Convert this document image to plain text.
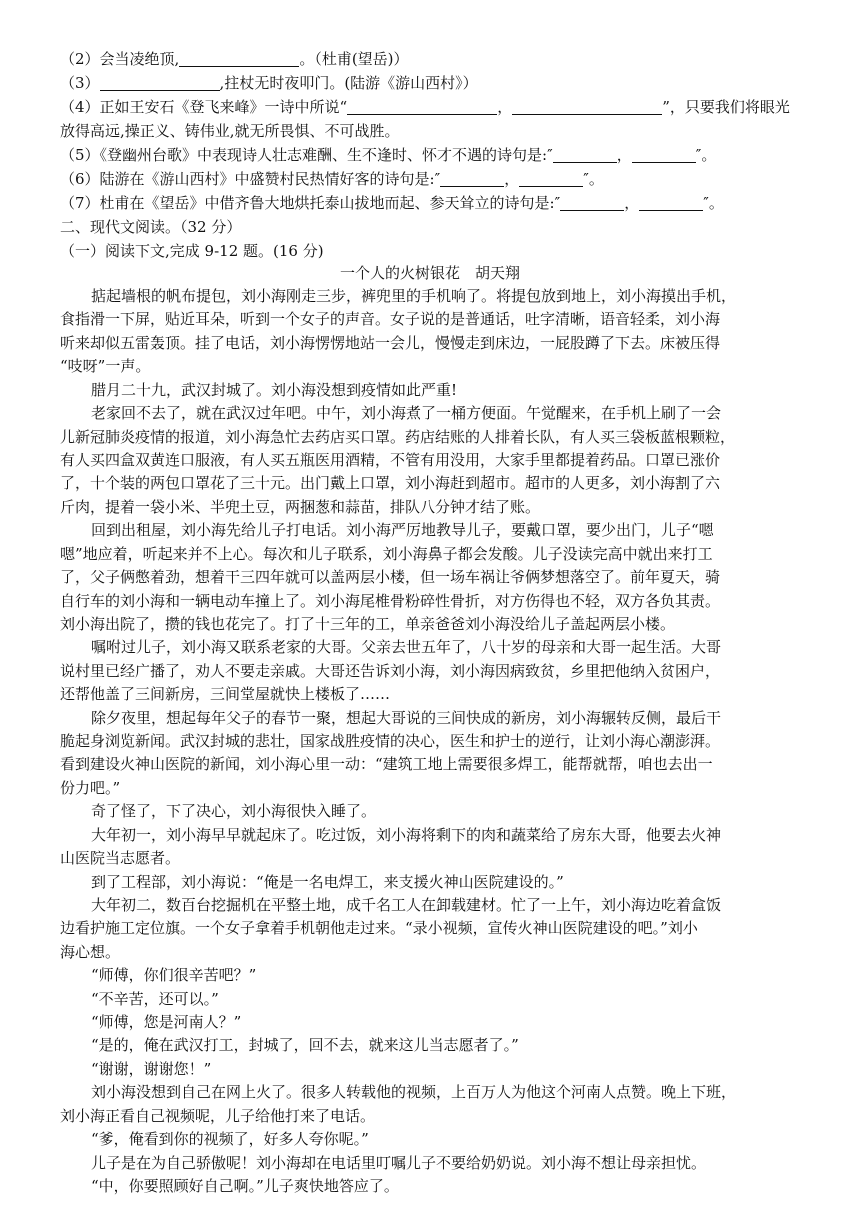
（2）会当凌绝顶,	。（杜甫(望岳)）
（3）	,拄杖无时夜叩门。(陆游《游山西村》）
（4）正如王安石《登飞来峰》一诗中所说“	，	”，只要我们将眼光
放得高远,操正义、铸伟业,就无所畏惧、不可战胜。
（5）《登幽州台歌》中表现诗人壮志难酬、生不逢时、怀才不遇的诗句是:″	，	″。
（6）陆游在《游山西村》中盛赞村民热情好客的诗句是:″	，	″。
（7）杜甫在《望岳》中借齐鲁大地烘托泰山拔地而起、参天耸立的诗句是:″	，	″。
二、现代文阅读。（32 分）
（一）阅读下文,完成 9-12 题。(16 分)
一个人的火树银花　胡天翔
掂起墙根的帆布提包，刘小海刚走三步，裤兜里的手机响了。将提包放到地上，刘小海摸出手机，
食指滑一下屏，贴近耳朵，听到一个女子的声音。女子说的是普通话，吐字清晰，语音轻柔，刘小海
听来却似五雷轰顶。挂了电话，刘小海愣愣地站一会儿，慢慢走到床边，一屁股蹲了下去。床被压得
“吱呀”一声。
腊月二十九，武汉封城了。刘小海没想到疫情如此严重!
老家回不去了，就在武汉过年吧。中午，刘小海煮了一桶方便面。午觉醒来，在手机上刷了一会
儿新冠肺炎疫情的报道，刘小海急忙去药店买口罩。药店结账的人排着长队，有人买三袋板蓝根颗粒，
有人买四盒双黄连口服液，有人买五瓶医用酒精，不管有用没用，大家手里都提着药品。口罩已涨价
了，十个装的两包口罩花了三十元。出门戴上口罩，刘小海赶到超市。超市的人更多，刘小海割了六
斤肉，提着一袋小米、半兜土豆，两捆葱和蒜苗，排队八分钟才结了账。
回到出租屋，刘小海先给儿子打电话。刘小海严厉地教导儿子，要戴口罩，要少出门，儿子“嗯
嗯”地应着，听起来并不上心。每次和儿子联系，刘小海鼻子都会发酸。儿子没读完高中就出来打工
了，父子俩憋着劲，想着干三四年就可以盖两层小楼，但一场车祸让爷俩梦想落空了。前年夏天，骑
自行车的刘小海和一辆电动车撞上了。刘小海尾椎骨粉碎性骨折，对方伤得也不轻，双方各负其责。
刘小海出院了，攒的钱也花完了。打了十三年的工，单亲爸爸刘小海没给儿子盖起两层小楼。
嘱咐过儿子，刘小海又联系老家的大哥。父亲去世五年了，八十岁的母亲和大哥一起生活。大哥
说村里已经广播了，劝人不要走亲戚。大哥还告诉刘小海，刘小海因病致贫，乡里把他纳入贫困户，
还帮他盖了三间新房，三间堂屋就快上楼板了……
除夕夜里，想起每年父子的春节一聚，想起大哥说的三间快成的新房，刘小海辗转反侧，最后干
脆起身浏览新闻。武汉封城的悲壮，国家战胜疫情的决心，医生和护士的逆行，让刘小海心潮澎湃。
看到建设火神山医院的新闻，刘小海心里一动：“建筑工地上需要很多焊工，能帮就帮，咱也去出一
份力吧。”
奇了怪了，下了决心，刘小海很快入睡了。
大年初一，刘小海早早就起床了。吃过饭，刘小海将剩下的肉和蔬菜给了房东大哥，他要去火神
山医院当志愿者。
到了工程部，刘小海说：“俺是一名电焊工，来支援火神山医院建设的。”
大年初二，数百台挖掘机在平整土地，成千名工人在卸载建材。忙了一上午，刘小海边吃着盒饭
边看护施工定位旗。一个女子拿着手机朝他走过来。“录小视频，宣传火神山医院建设的吧。”刘小
海心想。
“师傅，你们很辛苦吧？”
“不辛苦，还可以。”
“师傅，您是河南人？”
“是的，俺在武汉打工，封城了，回不去，就来这儿当志愿者了。”
“谢谢，谢谢您！”
刘小海没想到自己在网上火了。很多人转载他的视频，上百万人为他这个河南人点赞。晚上下班，
刘小海正看自己视频呢，儿子给他打来了电话。
“爹，俺看到你的视频了，好多人夸你呢。”
儿子是在为自己骄傲呢！刘小海却在电话里叮嘱儿子不要给奶奶说。刘小海不想让母亲担忧。
“中，你要照顾好自己啊。”儿子爽快地答应了。
